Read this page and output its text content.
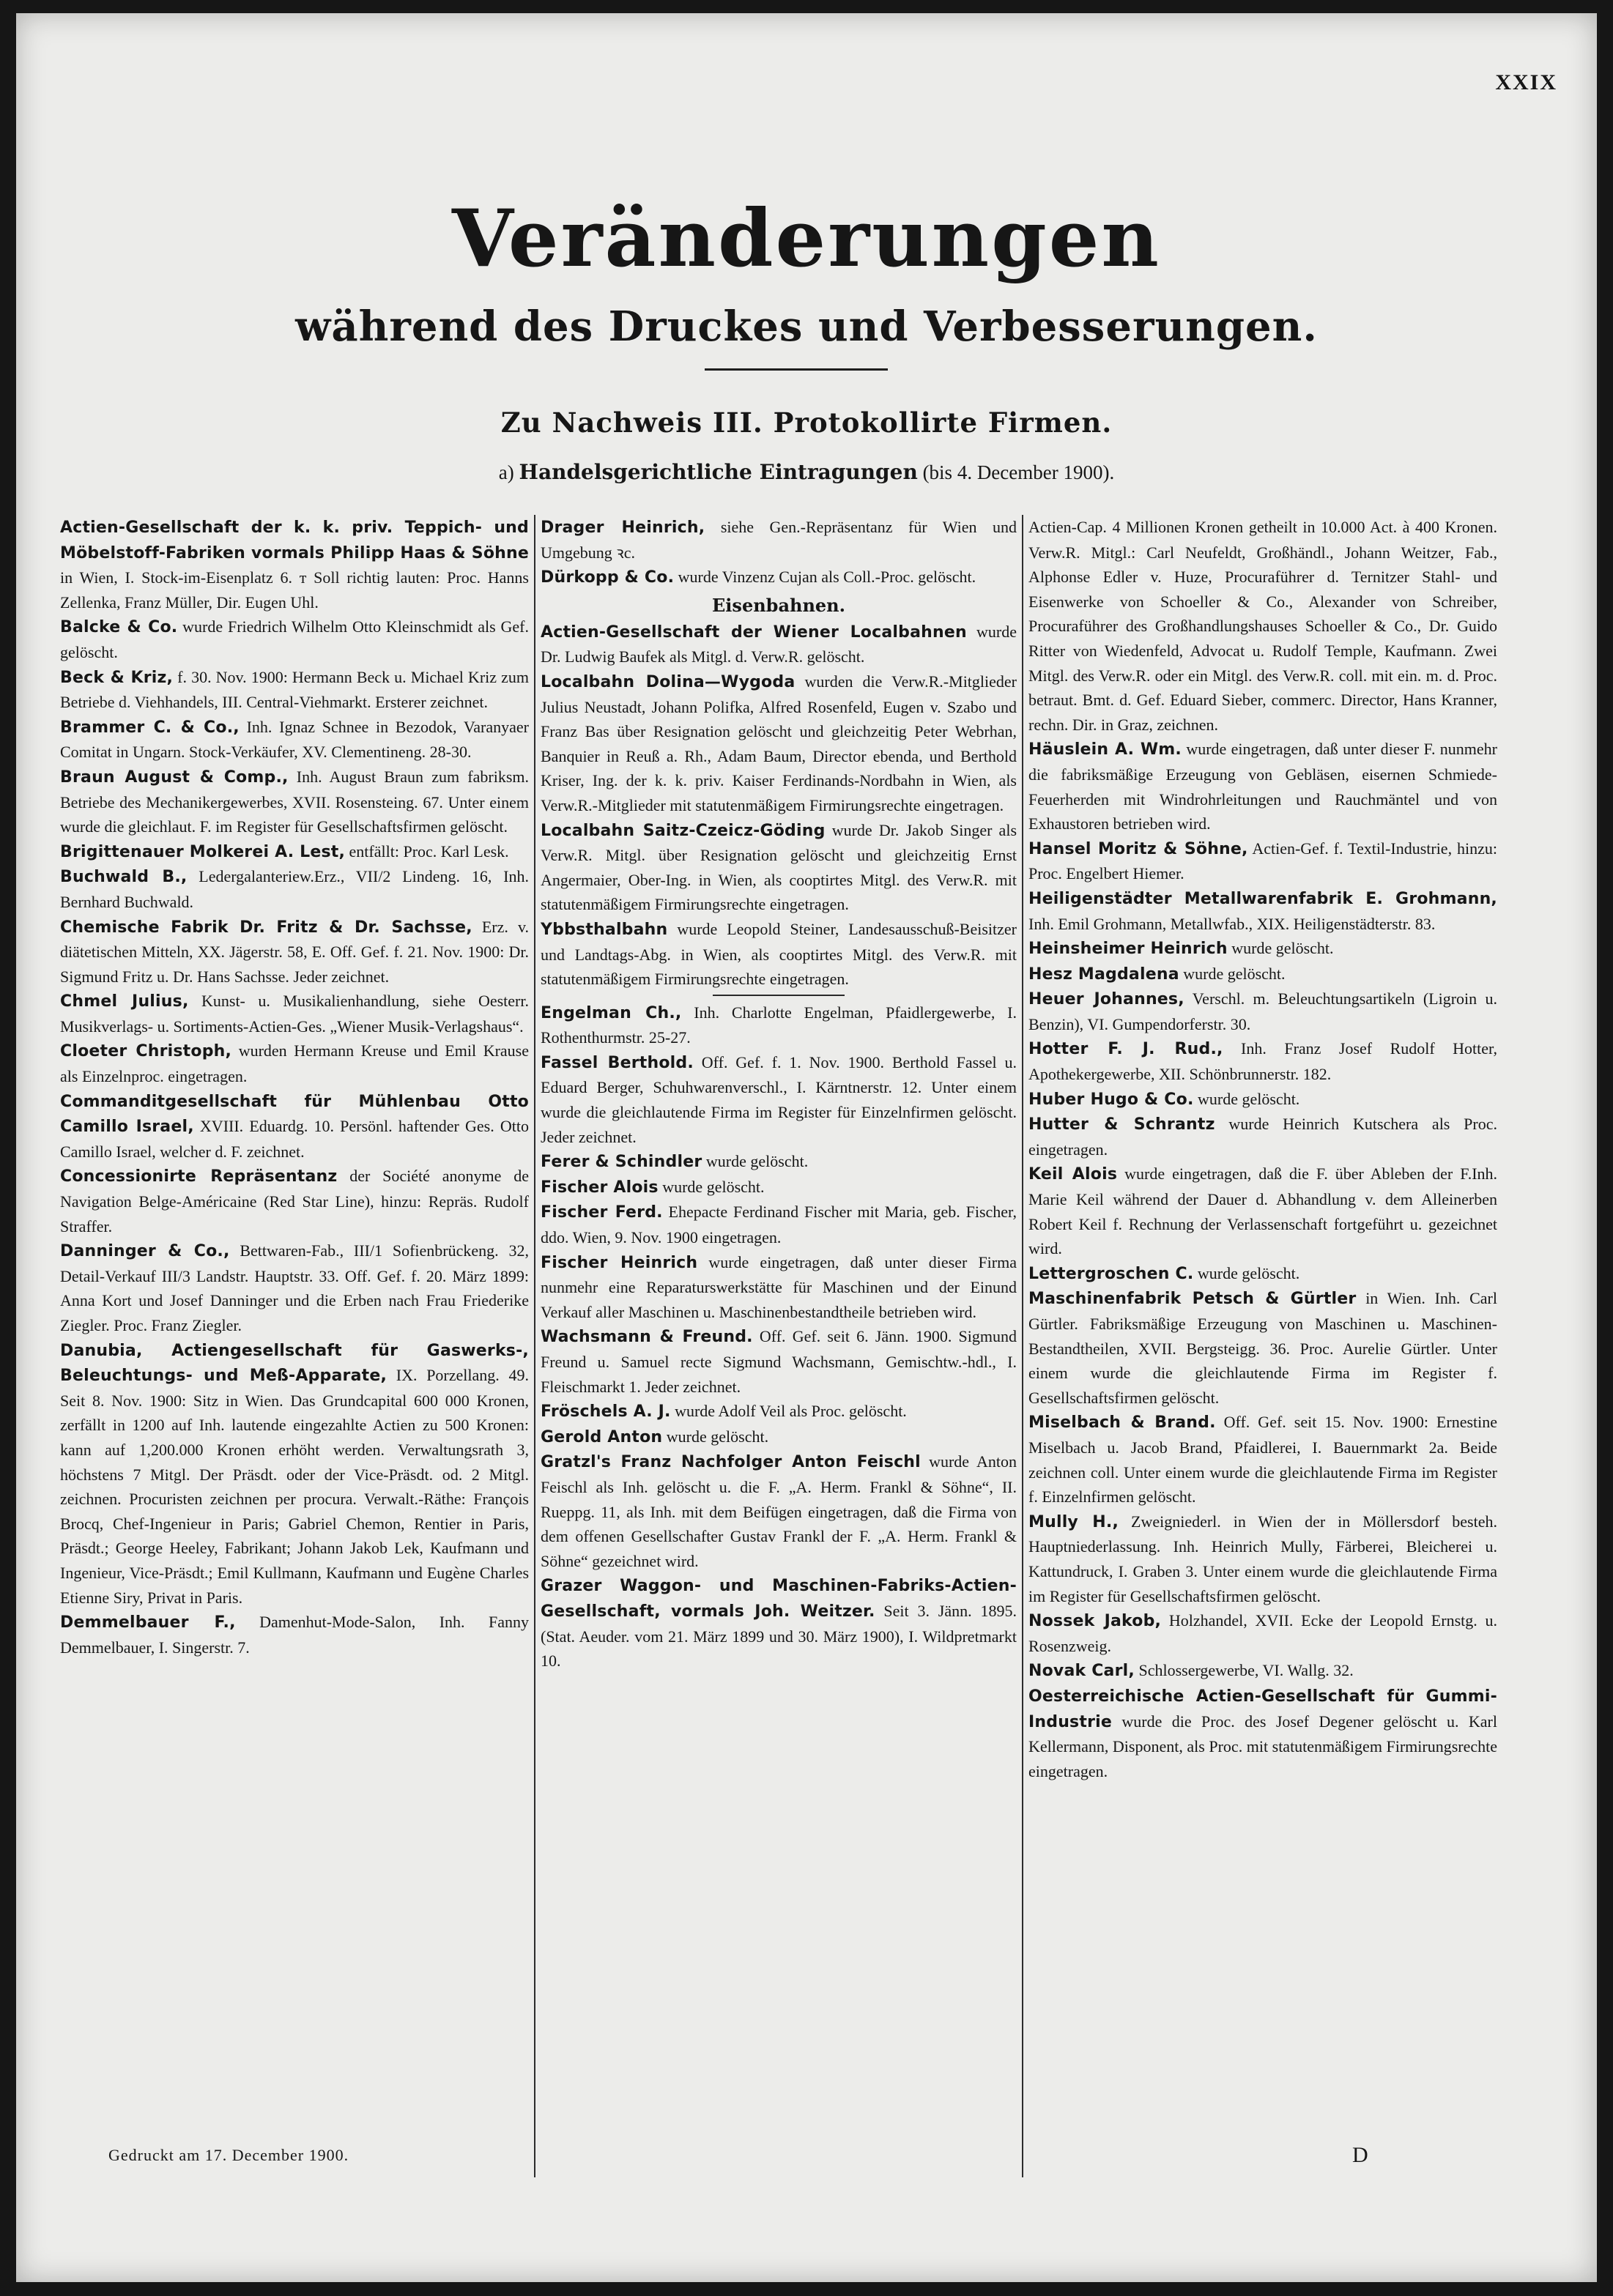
XXIX
Veränderungen
während des Druckes und Verbesserungen.
Zu Nachweis III. Protokollirte Firmen.
a) Handelsgerichtliche Eintragungen (bis 4. December 1900).

Actien-Gesellschaft der k. k. priv. Teppich- und Möbelstoff-Fabriken vormals Philipp Haas & Söhne in Wien, I. Stock-im-Eisenplatz 6. ᴛ Soll richtig lauten: Proc. Hanns Zellenka, Franz Müller, Dir. Eugen Uhl.

Balcke & Co. wurde Friedrich Wilhelm Otto Kleinschmidt als Gef. gelöscht.

Beck & Kriz, f. 30. Nov. 1900: Hermann Beck u. Michael Kriz zum Betriebe d. Viehhandels, III. Central-Viehmarkt. Ersterer zeichnet.

Brammer C. & Co., Inh. Ignaz Schnee in Bezodok, Varanyaer Comitat in Ungarn. Stock-Verkäufer, XV. Clementineng. 28-30.

Braun August & Comp., Inh. August Braun zum fabriksm. Betriebe des Mechanikergewerbes, XVII. Rosensteing. 67. Unter einem wurde die gleichlaut. F. im Register für Gesellschaftsfirmen gelöscht.

Brigittenauer Molkerei A. Lest, entfällt: Proc. Karl Lesk.

Buchwald B., Ledergalanteriew.Erz., VII/2 Lindeng. 16, Inh. Bernhard Buchwald.

Chemische Fabrik Dr. Fritz & Dr. Sachsse, Erz. v. diätetischen Mitteln, XX. Jägerstr. 58, E. Off. Gef. f. 21. Nov. 1900: Dr. Sigmund Fritz u. Dr. Hans Sachsse. Jeder zeichnet.

Chmel Julius, Kunst- u. Musikalienhandlung, siehe Oesterr. Musikverlags- u. Sortiments-Actien-Ges. „Wiener Musik-Verlagshaus“.

Cloeter Christoph, wurden Hermann Kreuse und Emil Krause als Einzelnproc. eingetragen.

Commanditgesellschaft für Mühlenbau Otto Camillo Israel, XVIII. Eduardg. 10. Persönl. haftender Ges. Otto Camillo Israel, welcher d. F. zeichnet.

Concessionirte Repräsentanz der Société anonyme de Navigation Belge-Américaine (Red Star Line), hinzu: Repräs. Rudolf Straffer.

Danninger & Co., Bettwaren-Fab., III/1 Sofienbrückeng. 32, Detail-Verkauf III/3 Landstr. Hauptstr. 33. Off. Gef. f. 20. März 1899: Anna Kort und Josef Danninger und die Erben nach Frau Friederike Ziegler. Proc. Franz Ziegler.

Danubia, Actiengesellschaft für Gaswerks-, Beleuchtungs- und Meß-Apparate, IX. Porzellang. 49. Seit 8. Nov. 1900: Sitz in Wien. Das Grundcapital 600 000 Kronen, zerfällt in 1200 auf Inh. lautende eingezahlte Actien zu 500 Kronen: kann auf 1,200.000 Kronen erhöht werden. Verwaltungsrath 3, höchstens 7 Mitgl. Der Präsdt. oder der Vice-Präsdt. od. 2 Mitgl. zeichnen. Procuristen zeichnen per procura. Verwalt.-Räthe: François Brocq, Chef-Ingenieur in Paris; Gabriel Chemon, Rentier in Paris, Präsdt.; George Heeley, Fabrikant; Johann Jakob Lek, Kaufmann und Ingenieur, Vice-Präsdt.; Emil Kullmann, Kaufmann und Eugène Charles Etienne Siry, Privat in Paris.

Demmelbauer F., Damenhut-Mode-Salon, Inh. Fanny Demmelbauer, I. Singerstr. 7.

Drager Heinrich, siehe Gen.-Repräsentanz für Wien und Umgebung ꝛc.

Dürkopp & Co. wurde Vinzenz Cujan als Coll.-Proc. gelöscht.

Eisenbahnen.

Actien-Gesellschaft der Wiener Localbahnen wurde Dr. Ludwig Baufek als Mitgl. d. Verw.R. gelöscht.

Localbahn Dolina—Wygoda wurden die Verw.R.-Mitglieder Julius Neustadt, Johann Polifka, Alfred Rosenfeld, Eugen v. Szabo und Franz Bas über Resignation gelöscht und gleichzeitig Peter Webrhan, Banquier in Reuß a. Rh., Adam Baum, Director ebenda, und Berthold Kriser, Ing. der k. k. priv. Kaiser Ferdinands-Nordbahn in Wien, als Verw.R.-Mitglieder mit statutenmäßigem Firmirungsrechte eingetragen.

Localbahn Saitz-Czeicz-Göding wurde Dr. Jakob Singer als Verw.R. Mitgl. über Resignation gelöscht und gleichzeitig Ernst Angermaier, Ober-Ing. in Wien, als cooptirtes Mitgl. des Verw.R. mit statutenmäßigem Firmirungsrechte eingetragen.

Ybbsthalbahn wurde Leopold Steiner, Landesausschuß-Beisitzer und Landtags-Abg. in Wien, als cooptirtes Mitgl. des Verw.R. mit statutenmäßigem Firmirungsrechte eingetragen.

Engelman Ch., Inh. Charlotte Engelman, Pfaidlergewerbe, I. Rothenthurmstr. 25-27.

Fassel Berthold. Off. Gef. f. 1. Nov. 1900. Berthold Fassel u. Eduard Berger, Schuhwarenverschl., I. Kärntnerstr. 12. Unter einem wurde die gleichlautende Firma im Register für Einzelnfirmen gelöscht. Jeder zeichnet.

Ferer & Schindler wurde gelöscht.

Fischer Alois wurde gelöscht.

Fischer Ferd. Ehepacte Ferdinand Fischer mit Maria, geb. Fischer, ddo. Wien, 9. Nov. 1900 eingetragen.

Fischer Heinrich wurde eingetragen, daß unter dieser Firma nunmehr eine Reparaturswerkstätte für Maschinen und der Einund Verkauf aller Maschinen u. Maschinenbestandtheile betrieben wird.

Wachsmann & Freund. Off. Gef. seit 6. Jänn. 1900. Sigmund Freund u. Samuel recte Sigmund Wachsmann, Gemischtw.-hdl., I. Fleischmarkt 1. Jeder zeichnet.

Fröschels A. J. wurde Adolf Veil als Proc. gelöscht.

Gerold Anton wurde gelöscht.

Gratzl's Franz Nachfolger Anton Feischl wurde Anton Feischl als Inh. gelöscht u. die F. „A. Herm. Frankl & Söhne“, II. Rueppg. 11, als Inh. mit dem Beifügen eingetragen, daß die Firma von dem offenen Gesellschafter Gustav Frankl der F. „A. Herm. Frankl & Söhne“ gezeichnet wird.

Grazer Waggon- und Maschinen-Fabriks-Actien-Gesellschaft, vormals Joh. Weitzer. Seit 3. Jänn. 1895. (Stat. Aeuder. vom 21. März 1899 und 30. März 1900), I. Wildpretmarkt 10.

Actien-Cap. 4 Millionen Kronen getheilt in 10.000 Act. à 400 Kronen. Verw.R. Mitgl.: Carl Neufeldt, Großhändl., Johann Weitzer, Fab., Alphonse Edler v. Huze, Procuraführer d. Ternitzer Stahl- und Eisenwerke von Schoeller & Co., Alexander von Schreiber, Procuraführer des Großhandlungshauses Schoeller & Co., Dr. Guido Ritter von Wiedenfeld, Advocat u. Rudolf Temple, Kaufmann. Zwei Mitgl. des Verw.R. oder ein Mitgl. des Verw.R. coll. mit ein. m. d. Proc. betraut. Bmt. d. Gef. Eduard Sieber, commerc. Director, Hans Kranner, rechn. Dir. in Graz, zeichnen.

Häuslein A. Wm. wurde eingetragen, daß unter dieser F. nunmehr die fabriksmäßige Erzeugung von Gebläsen, eisernen Schmiede-Feuerherden mit Windrohrleitungen und Rauchmäntel und von Exhaustoren betrieben wird.

Hansel Moritz & Söhne, Actien-Gef. f. Textil-Industrie, hinzu: Proc. Engelbert Hiemer.

Heiligenstädter Metallwarenfabrik E. Grohmann, Inh. Emil Grohmann, Metallwfab., XIX. Heiligenstädterstr. 83.

Heinsheimer Heinrich wurde gelöscht.

Hesz Magdalena wurde gelöscht.

Heuer Johannes, Verschl. m. Beleuchtungsartikeln (Ligroin u. Benzin), VI. Gumpendorferstr. 30.

Hotter F. J. Rud., Inh. Franz Josef Rudolf Hotter, Apothekergewerbe, XII. Schönbrunnerstr. 182.

Huber Hugo & Co. wurde gelöscht.

Hutter & Schrantz wurde Heinrich Kutschera als Proc. eingetragen.

Keil Alois wurde eingetragen, daß die F. über Ableben der F.Inh. Marie Keil während der Dauer d. Abhandlung v. dem Alleinerben Robert Keil f. Rechnung der Verlassenschaft fortgeführt u. gezeichnet wird.

Lettergroschen C. wurde gelöscht.

Maschinenfabrik Petsch & Gürtler in Wien. Inh. Carl Gürtler. Fabriksmäßige Erzeugung von Maschinen u. Maschinen-Bestandtheilen, XVII. Bergsteigg. 36. Proc. Aurelie Gürtler. Unter einem wurde die gleichlautende Firma im Register f. Gesellschaftsfirmen gelöscht.

Miselbach & Brand. Off. Gef. seit 15. Nov. 1900: Ernestine Miselbach u. Jacob Brand, Pfaidlerei, I. Bauernmarkt 2a. Beide zeichnen coll. Unter einem wurde die gleichlautende Firma im Register f. Einzelnfirmen gelöscht.

Mully H., Zweigniederl. in Wien der in Möllersdorf besteh. Hauptniederlassung. Inh. Heinrich Mully, Färberei, Bleicherei u. Kattundruck, I. Graben 3. Unter einem wurde die gleichlautende Firma im Register für Gesellschaftsfirmen gelöscht.

Nossek Jakob, Holzhandel, XVII. Ecke der Leopold Ernstg. u. Rosenzweig.

Novak Carl, Schlossergewerbe, VI. Wallg. 32.

Oesterreichische Actien-Gesellschaft für Gummi-Industrie wurde die Proc. des Josef Degener gelöscht u. Karl Kellermann, Disponent, als Proc. mit statutenmäßigem Firmirungsrechte eingetragen.

Gedruckt am 17. December 1900.	D
